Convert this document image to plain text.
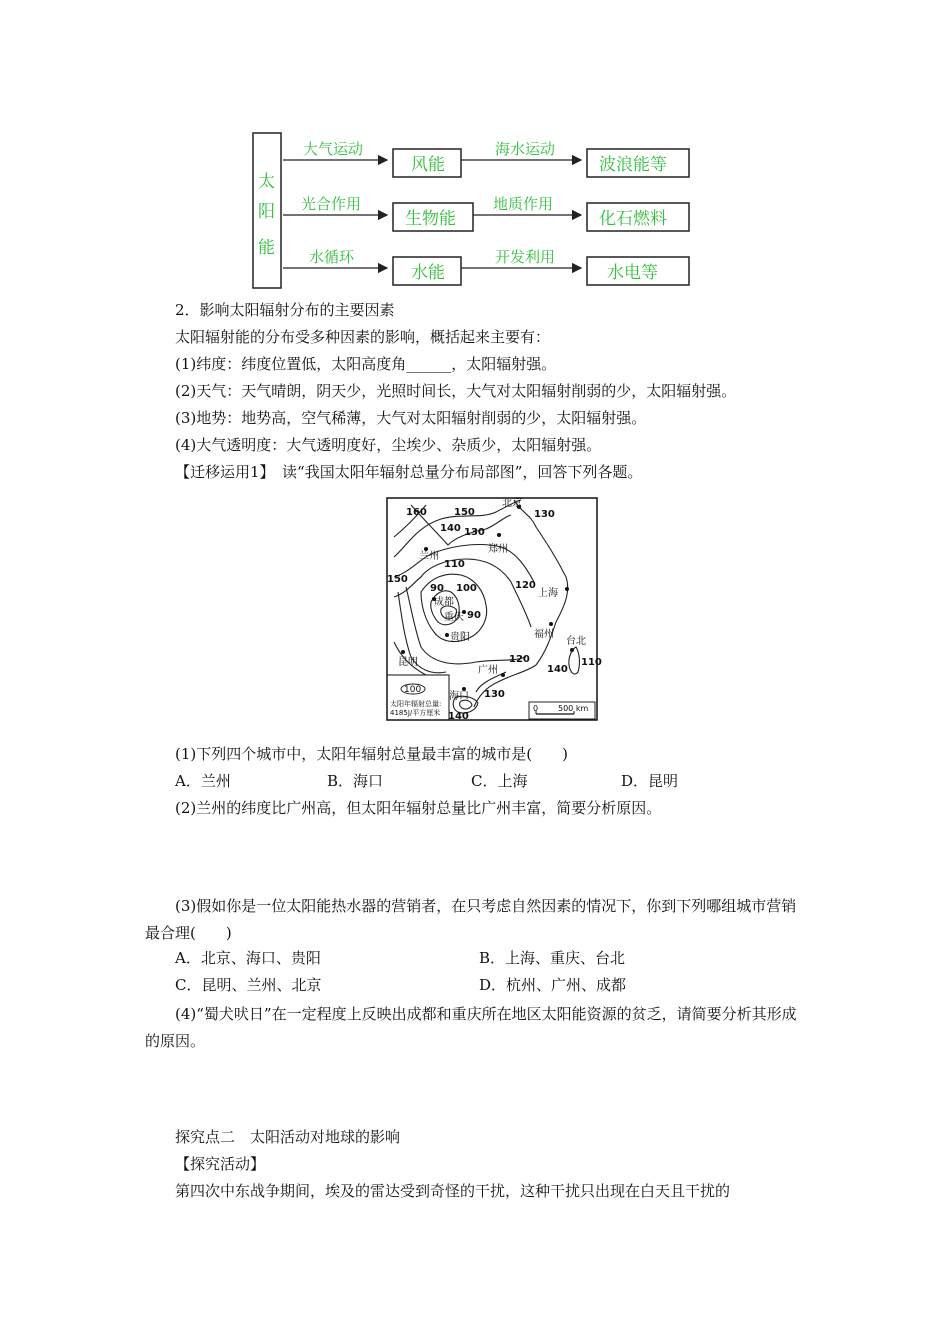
太
阳
能
大气运动
风能
海水运动
波浪能等
光合作用
生物能
地质作用
化石燃料
水循环
水能
开发利用
水电等
2．影响太阳辐射分布的主要因素
太阳辐射能的分布受多种因素的影响，概括起来主要有：
(1)纬度：纬度位置低，太阳高度角______，太阳辐射强。
(2)天气：天气晴朗，阴天少，光照时间长，大气对太阳辐射削弱的少，太阳辐射强。
(3)地势：地势高，空气稀薄，大气对太阳辐射削弱的少，太阳辐射强。
(4)大气透明度：大气透明度好，尘埃少、杂质少，太阳辐射强。
【迁移运用1】　读“我国太阳年辐射总量分布局部图”，回答下列各题。
北京
兰州
郑州
成都
重庆
贵阳
上海
福州
台北
广州
昆明
海口
160	150
140
130
130
150
110
90 100	120
90
120
140
110
130
140
100
太阳年辐射总量:
4185J/平方厘米	0 500 km
(1)下列四个城市中，太阳年辐射总量最丰富的城市是(　　)
A．兰州	B．海口	C．上海	D．昆明
(2)兰州的纬度比广州高，但太阳年辐射总量比广州丰富，简要分析原因。
(3)假如你是一位太阳能热水器的营销者，在只考虑自然因素的情况下，你到下列哪组城市营销最合理(　　)
A．北京、海口、贵阳	B．上海、重庆、台北
C．昆明、兰州、北京	D．杭州、广州、成都
(4)“蜀犬吠日”在一定程度上反映出成都和重庆所在地区太阳能资源的贫乏，请简要分析其形成的原因。
探究点二　太阳活动对地球的影响
【探究活动】
第四次中东战争期间，埃及的雷达受到奇怪的干扰，这种干扰只出现在白天且干扰的
